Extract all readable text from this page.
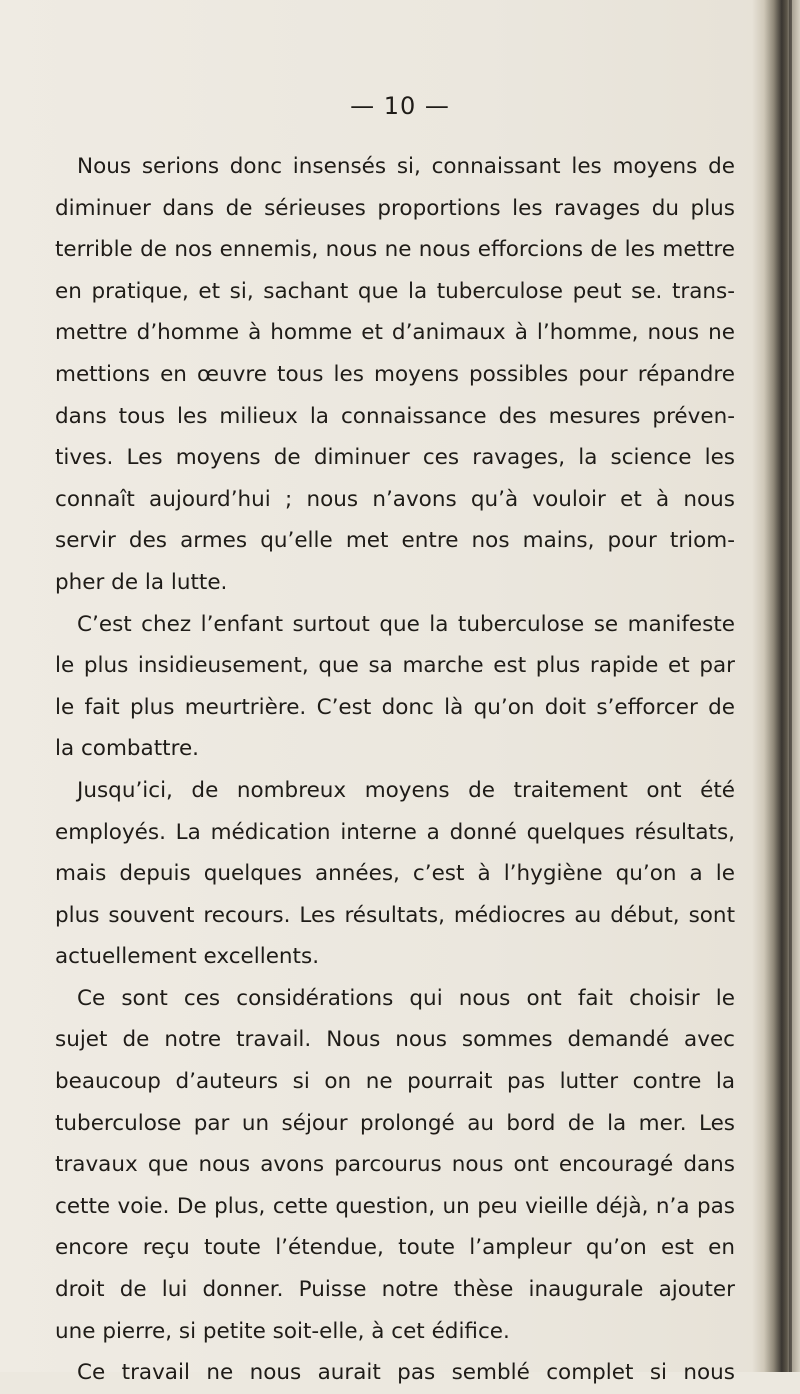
— 10 —

Nous serions donc insensés si, connaissant les moyens de
diminuer dans de sérieuses proportions les ravages du plus
terrible de nos ennemis, nous ne nous efforcions de les mettre
en pratique, et si, sachant que la tuberculose peut se. trans-
mettre d’homme à homme et d’animaux à l’homme, nous ne
mettions en œuvre tous les moyens possibles pour répandre
dans tous les milieux la connaissance des mesures préven-
tives. Les moyens de diminuer ces ravages, la science les
connaît aujourd’hui ; nous n’avons qu’à vouloir et à nous
servir des armes qu’elle met entre nos mains, pour triom-
pher de la lutte.
C’est chez l’enfant surtout que la tuberculose se manifeste
le plus insidieusement, que sa marche est plus rapide et par
le fait plus meurtrière. C’est donc là qu’on doit s’efforcer de
la combattre.
Jusqu’ici, de nombreux moyens de traitement ont été
employés. La médication interne a donné quelques résultats,
mais depuis quelques années, c’est à l’hygiène qu’on a le
plus souvent recours. Les résultats, médiocres au début, sont
actuellement excellents.
Ce sont ces considérations qui nous ont fait choisir le
sujet de notre travail. Nous nous sommes demandé avec
beaucoup d’auteurs si on ne pourrait pas lutter contre la
tuberculose par un séjour prolongé au bord de la mer. Les
travaux que nous avons parcourus nous ont encouragé dans
cette voie. De plus, cette question, un peu vieille déjà, n’a pas
encore reçu toute l’étendue, toute l’ampleur qu’on est en
droit de lui donner. Puisse notre thèse inaugurale ajouter
une pierre, si petite soit-elle, à cet édifice.
Ce travail ne nous aurait pas semblé complet si nous
